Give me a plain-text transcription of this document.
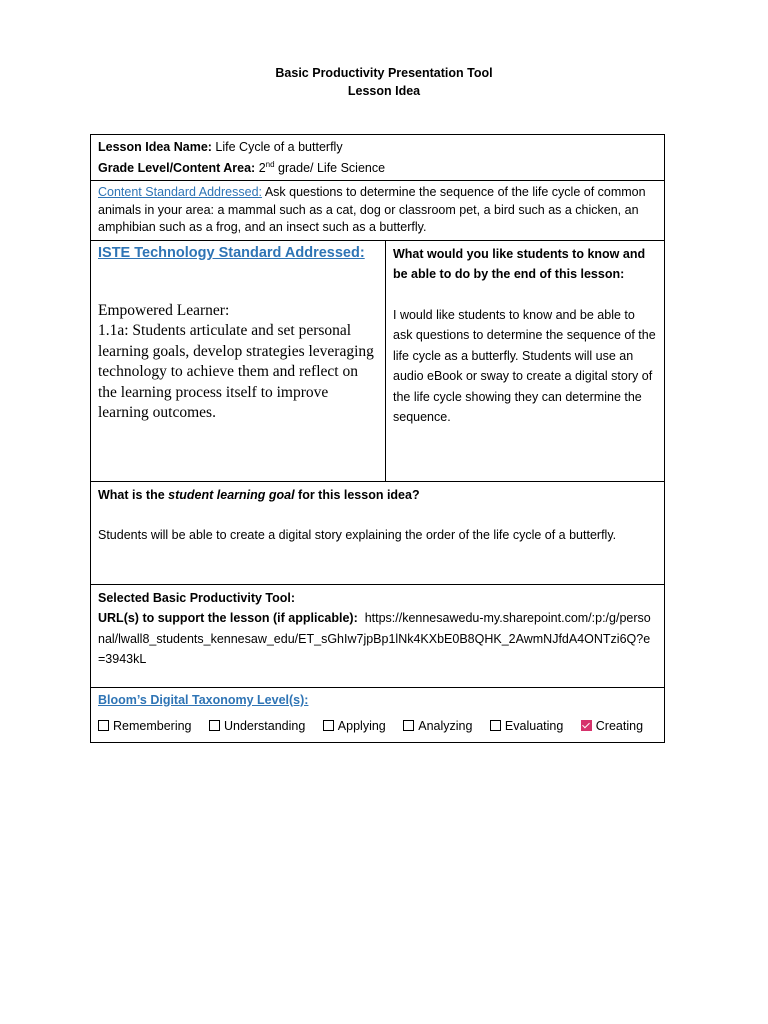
Basic Productivity Presentation Tool
Lesson Idea
Lesson Idea Name: Life Cycle of a butterfly
Grade Level/Content Area: 2nd grade/ Life Science

Content Standard Addressed: Ask questions to determine the sequence of the life cycle of common animals in your area: a mammal such as a cat, dog or classroom pet, a bird such as a chicken, an amphibian such as a frog, and an insect such as a butterfly.

ISTE Technology Standard Addressed:
Empowered Learner:
1.1a: Students articulate and set personal learning goals, develop strategies leveraging technology to achieve them and reflect on the learning process itself to improve learning outcomes.

What would you like students to know and be able to do by the end of this lesson:
I would like students to know and be able to ask questions to determine the sequence of the life cycle as a butterfly. Students will use an audio eBook or sway to create a digital story of the life cycle showing they can determine the sequence.

What is the student learning goal for this lesson idea?
Students will be able to create a digital story explaining the order of the life cycle of a butterfly.

Selected Basic Productivity Tool:
URL(s) to support the lesson (if applicable): https://kennesawedu-my.sharepoint.com/:p:/g/personal/lwall8_students_kennesaw_edu/ET_sGhIw7jpBp1lNk4KXbE0B8QHK_2AwmNJfdA4ONTzi6Q?e=3943kL

Bloom’s Digital Taxonomy Level(s):
Remembering	Understanding	Applying	Analyzing	Evaluating	Creating
